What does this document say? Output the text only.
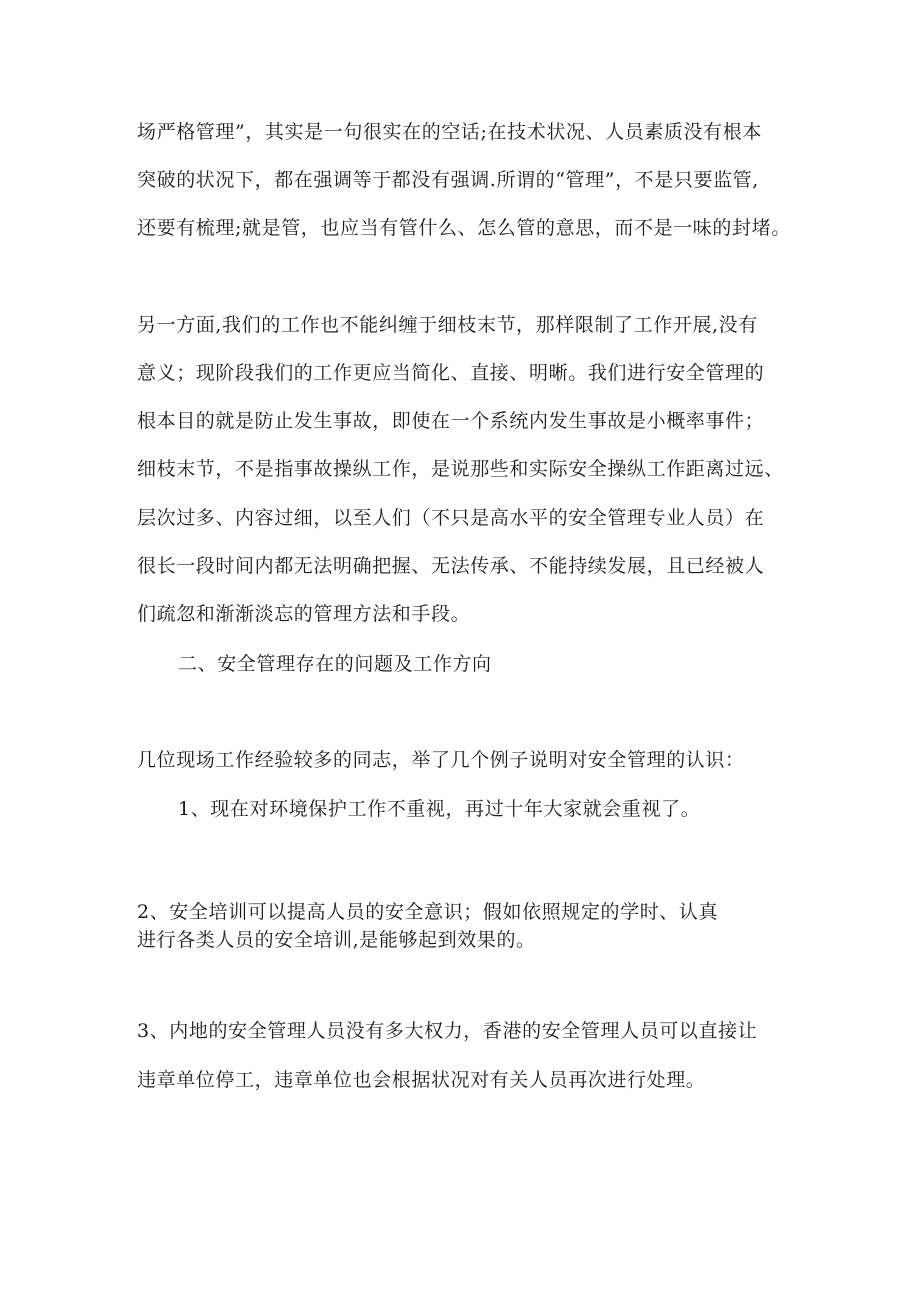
场严格管理”，其实是一句很实在的空话;在技术状况、人员素质没有根本

突破的状况下，都在强调等于都没有强调.所谓的“管理”，不是只要监管,

还要有梳理;就是管，也应当有管什么、怎么管的意思，而不是一味的封堵。

另一方面,我们的工作也不能纠缠于细枝末节，那样限制了工作开展,没有

意义；现阶段我们的工作更应当简化、直接、明晰。我们进行安全管理的

根本目的就是防止发生事故，即使在一个系统内发生事故是小概率事件；

细枝末节，不是指事故操纵工作，是说那些和实际安全操纵工作距离过远、

层次过多、内容过细，以至人们（不只是高水平的安全管理专业人员）在

很长一段时间内都无法明确把握、无法传承、不能持续发展，且已经被人

们疏忽和渐渐淡忘的管理方法和手段。

二、安全管理存在的问题及工作方向

几位现场工作经验较多的同志，举了几个例子说明对安全管理的认识：

1、现在对环境保护工作不重视，再过十年大家就会重视了。

2、安全培训可以提高人员的安全意识；假如依照规定的学时、认真

进行各类人员的安全培训,是能够起到效果的。

3、内地的安全管理人员没有多大权力，香港的安全管理人员可以直接让

违章单位停工，违章单位也会根据状况对有关人员再次进行处理。
